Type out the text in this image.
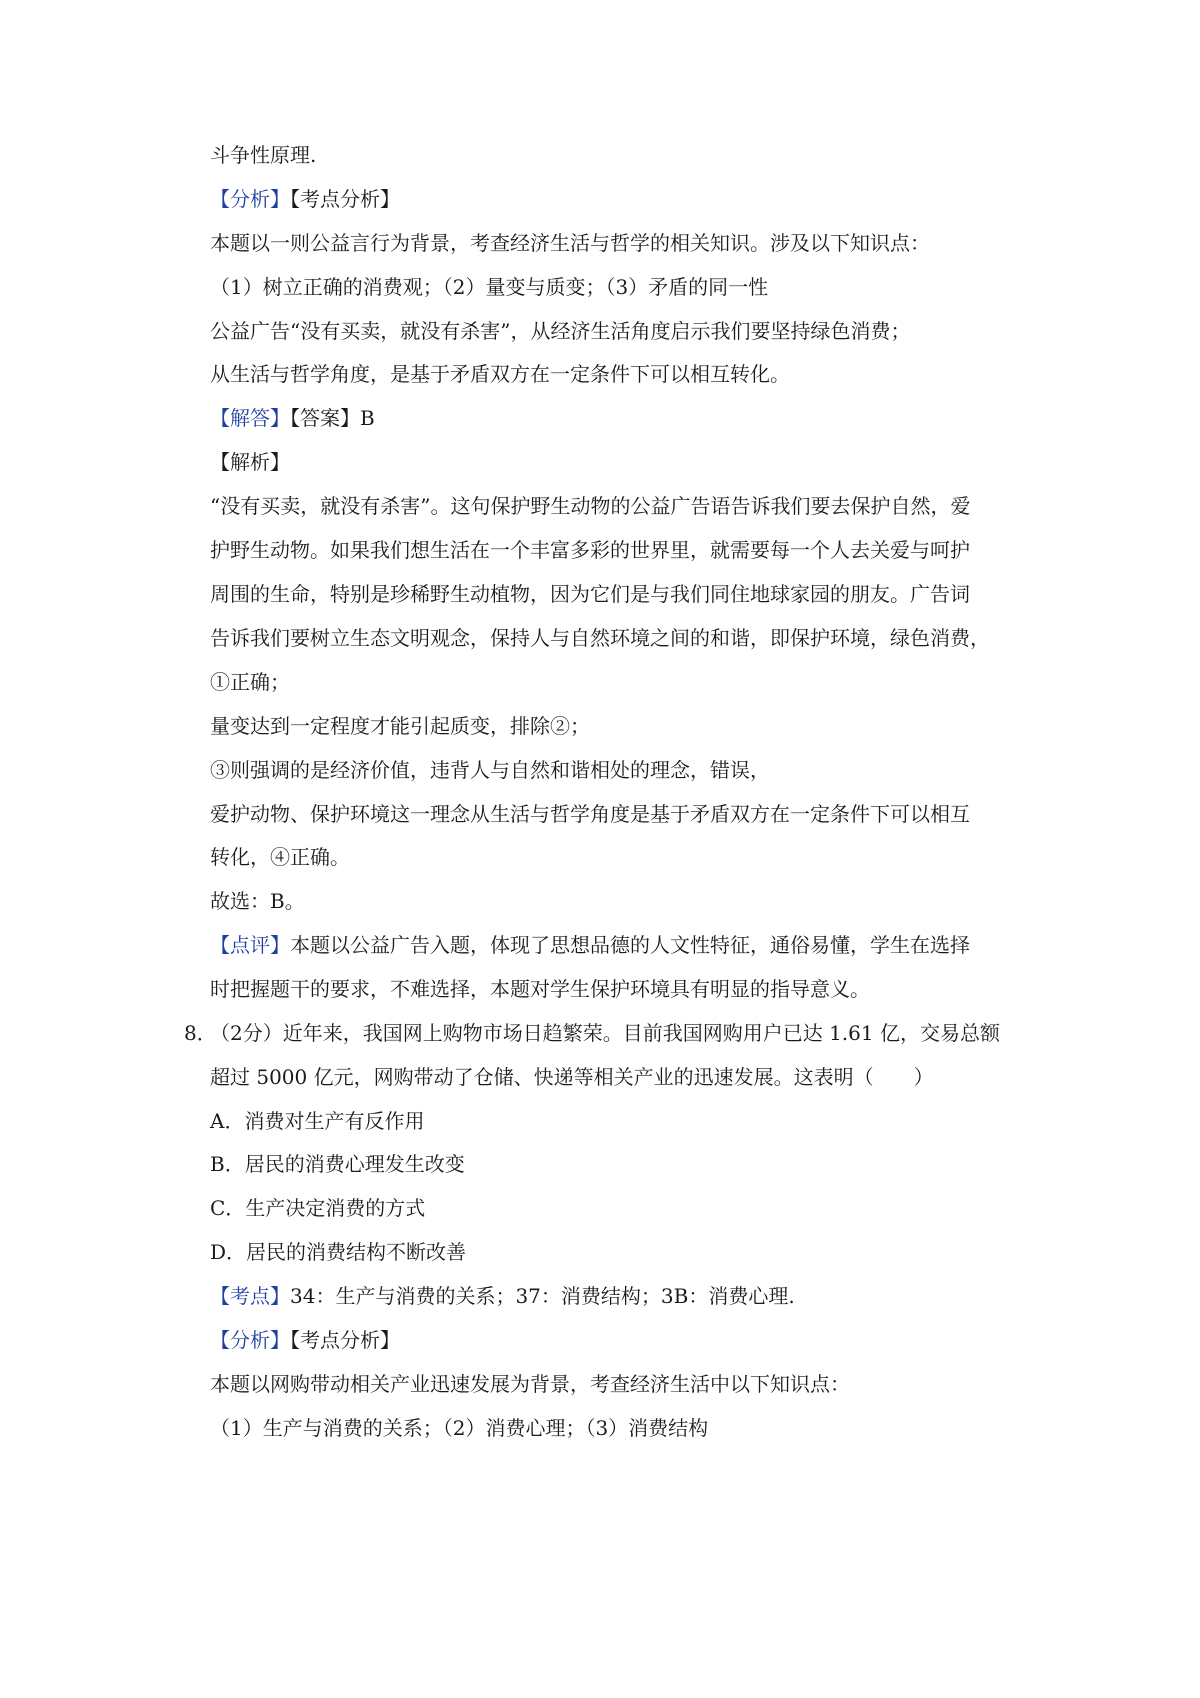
斗争性原理.
【分析】【考点分析】
本题以一则公益言行为背景，考查经济生活与哲学的相关知识。涉及以下知识点：
（1）树立正确的消费观；（2）量变与质变；（3）矛盾的同一性
公益广告“没有买卖，就没有杀害”，从经济生活角度启示我们要坚持绿色消费；
从生活与哲学角度，是基于矛盾双方在一定条件下可以相互转化。
【解答】【答案】B
【解析】
“没有买卖，就没有杀害”。这句保护野生动物的公益广告语告诉我们要去保护自然，爱
护野生动物。如果我们想生活在一个丰富多彩的世界里，就需要每一个人去关爱与呵护
周围的生命，特别是珍稀野生动植物，因为它们是与我们同住地球家园的朋友。广告词
告诉我们要树立生态文明观念，保持人与自然环境之间的和谐，即保护环境，绿色消费，
①正确；
量变达到一定程度才能引起质变，排除②；
③则强调的是经济价值，违背人与自然和谐相处的理念，错误，
爱护动物、保护环境这一理念从生活与哲学角度是基于矛盾双方在一定条件下可以相互
转化，④正确。
故选：B。
【点评】本题以公益广告入题，体现了思想品德的人文性特征，通俗易懂，学生在选择
时把握题干的要求，不难选择，本题对学生保护环境具有明显的指导意义。
8．
（2分）近年来，我国网上购物市场日趋繁荣。目前我国网购用户已达 1.61 亿，交易总额
超过 5000 亿元，网购带动了仓储、快递等相关产业的迅速发展。这表明（　　）
A．消费对生产有反作用
B．居民的消费心理发生改变
C．生产决定消费的方式
D．居民的消费结构不断改善
【考点】34：生产与消费的关系；37：消费结构；3B：消费心理.
【分析】【考点分析】
本题以网购带动相关产业迅速发展为背景，考查经济生活中以下知识点：
（1）生产与消费的关系；（2）消费心理；（3）消费结构
